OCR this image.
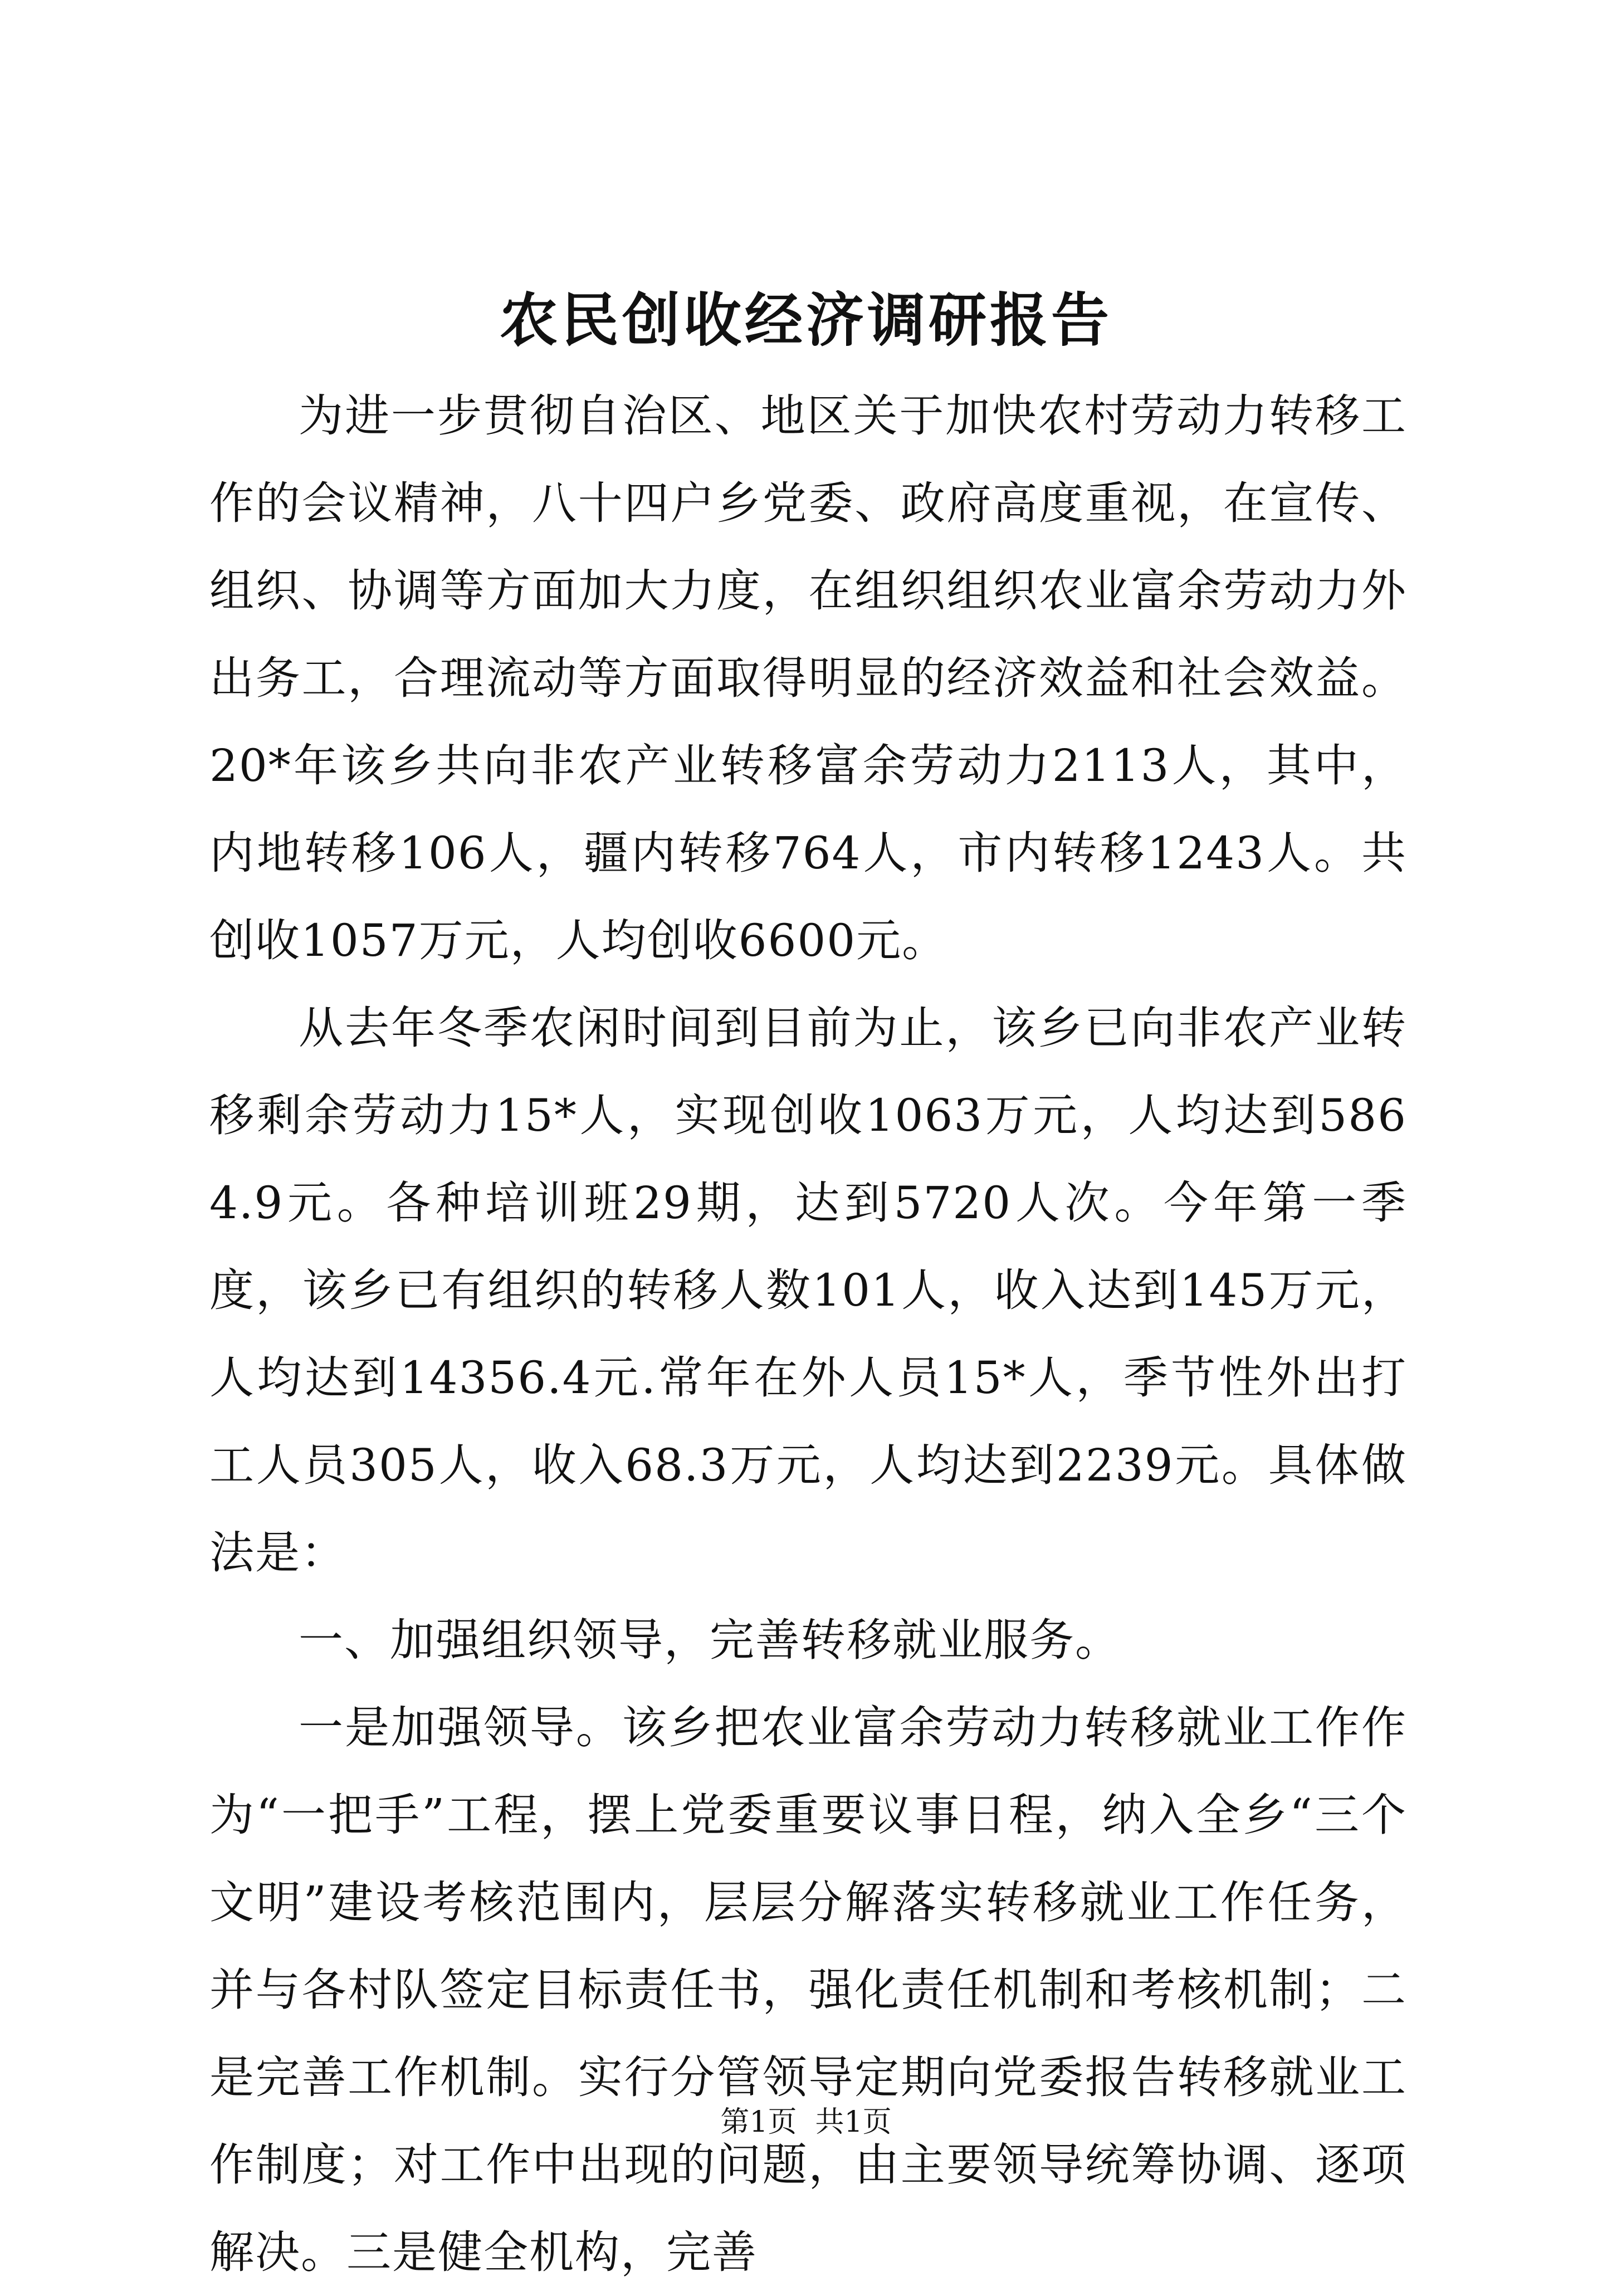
农民创收经济调研报告

为进一步贯彻自治区、地区关于加快农村劳动力转移工作的会议精神，八十四户乡党委、政府高度重视，在宣传、组织、协调等方面加大力度，在组织组织农业富余劳动力外出务工，合理流动等方面取得明显的经济效益和社会效益。20*年该乡共向非农产业转移富余劳动力2113人，其中，内地转移106人，疆内转移764人，市内转移1243人。共创收1057万元，人均创收6600元。

从去年冬季农闲时间到目前为止，该乡已向非农产业转移剩余劳动力15*人，实现创收1063万元，人均达到5864.9元。各种培训班29期，达到5720人次。今年第一季度，该乡已有组织的转移人数101人，收入达到145万元，人均达到14356.4元.常年在外人员15*人，季节性外出打工人员305人，收入68.3万元，人均达到2239元。具体做法是：

一、加强组织领导，完善转移就业服务。

一是加强领导。该乡把农业富余劳动力转移就业工作作为“一把手”工程，摆上党委重要议事日程，纳入全乡“三个文明”建设考核范围内，层层分解落实转移就业工作任务，并与各村队签定目标责任书，强化责任机制和考核机制；二是完善工作机制。实行分管领导定期向党委报告转移就业工作制度；对工作中出现的问题，由主要领导统筹协调、逐项解决。三是健全机构，完善

第1页 共1页
